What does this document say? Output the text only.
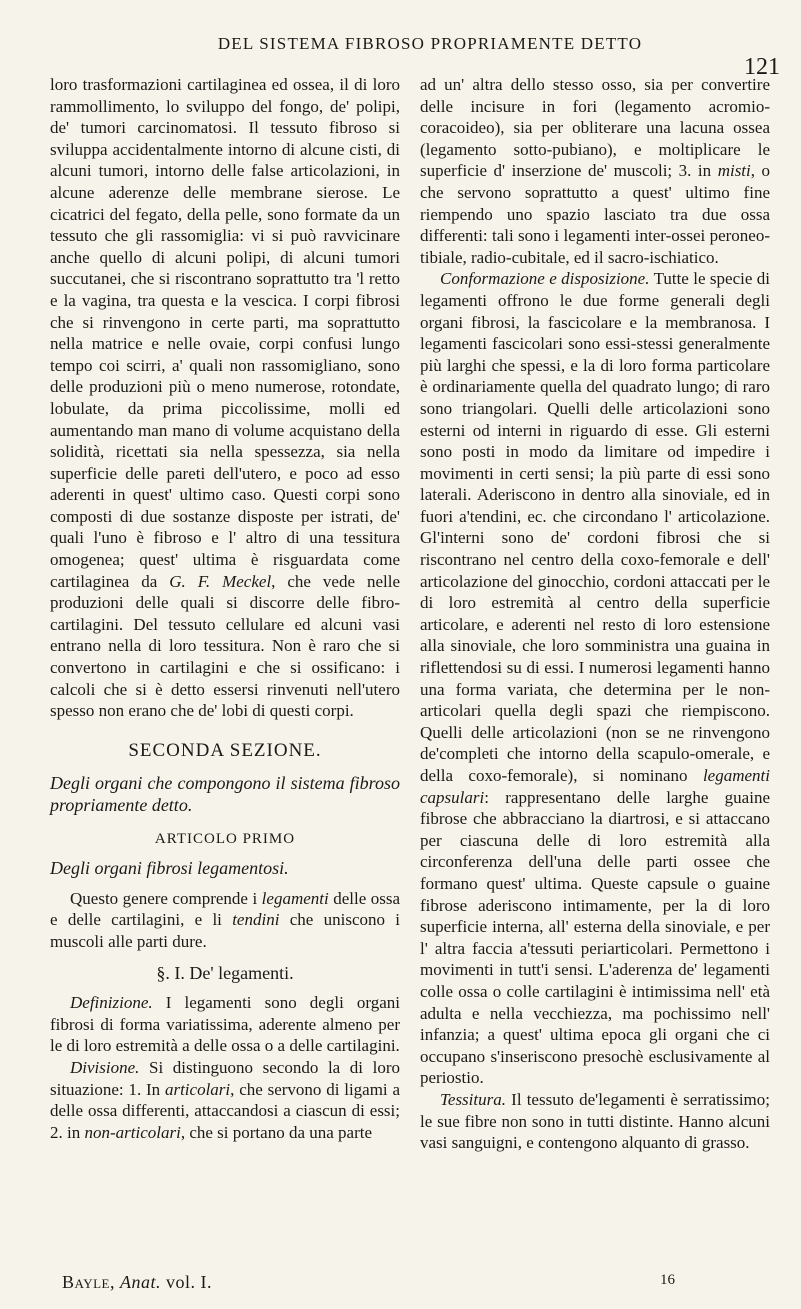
DEL SISTEMA FIBROSO PROPRIAMENTE DETTO
121

loro trasformazioni cartilaginea ed ossea, il di loro rammollimento, lo sviluppo del fongo, de' polipi, de' tumori carcinomatosi. Il tessuto fibroso si sviluppa accidentalmente intorno di alcune cisti, di alcuni tumori, intorno delle false articolazioni, in alcune aderenze delle membrane sierose. Le cicatrici del fegato, della pelle, sono formate da un tessuto che gli rassomiglia: vi si può ravvicinare anche quello di alcuni polipi, di alcuni tumori succutanei, che si riscontrano soprattutto tra 'l retto e la vagina, tra questa e la vescica. I corpi fibrosi che si rinvengono in certe parti, ma soprattutto nella matrice e nelle ovaie, corpi confusi lungo tempo coi scirri, a' quali non rassomigliano, sono delle produzioni più o meno numerose, rotondate, lobulate, da prima piccolissime, molli ed aumentando man mano di volume acquistano della solidità, ricettati sia nella spessezza, sia nella superficie delle pareti dell'utero, e poco ad esso aderenti in quest' ultimo caso. Questi corpi sono composti di due sostanze disposte per istrati, de' quali l'uno è fibroso e l' altro di una tessitura omogenea; quest' ultima è risguardata come cartilaginea da G. F. Meckel, che vede nelle produzioni delle quali si discorre delle fibro-cartilagini. Del tessuto cellulare ed alcuni vasi entrano nella di loro tessitura. Non è raro che si convertono in cartilagini e che si ossificano: i calcoli che si è detto essersi rinvenuti nell'utero spesso non erano che de' lobi di questi corpi.

SECONDA SEZIONE.

Degli organi che compongono il sistema fibroso propriamente detto.

ARTICOLO PRIMO

Degli organi fibrosi legamentosi.

Questo genere comprende i legamenti delle ossa e delle cartilagini, e li tendini che uniscono i muscoli alle parti dure.

§. I. De' legamenti.

Definizione. I legamenti sono degli organi fibrosi di forma variatissima, aderente almeno per le di loro estremità a delle ossa o a delle cartilagini.

Divisione. Si distinguono secondo la di loro situazione: 1. In articolari, che servono di ligami a delle ossa differenti, attaccandosi a ciascun di essi; 2. in non-articolari, che si portano da una parte

ad un' altra dello stesso osso, sia per convertire delle incisure in fori (legamento acromio-coracoideo), sia per obliterare una lacuna ossea (legamento sotto-pubiano), e moltiplicare le superficie d' inserzione de' muscoli; 3. in misti, o che servono soprattutto a quest' ultimo fine riempendo uno spazio lasciato tra due ossa differenti: tali sono i legamenti inter-ossei peroneo-tibiale, radio-cubitale, ed il sacro-ischiatico.

Conformazione e disposizione. Tutte le specie di legamenti offrono le due forme generali degli organi fibrosi, la fascicolare e la membranosa. I legamenti fascicolari sono essi-stessi generalmente più larghi che spessi, e la di loro forma particolare è ordinariamente quella del quadrato lungo; di raro sono triangolari. Quelli delle articolazioni sono esterni od interni in riguardo di esse. Gli esterni sono posti in modo da limitare od impedire i movimenti in certi sensi; la più parte di essi sono laterali. Aderiscono in dentro alla sinoviale, ed in fuori a'tendini, ec. che circondano l' articolazione. Gl'interni sono de' cordoni fibrosi che si riscontrano nel centro della coxo-femorale e dell' articolazione del ginocchio, cordoni attaccati per le di loro estremità al centro della superficie articolare, e aderenti nel resto di loro estensione alla sinoviale, che loro somministra una guaina in riflettendosi su di essi. I numerosi legamenti hanno una forma variata, che determina per le non-articolari quella degli spazi che riempiscono. Quelli delle articolazioni (non se ne rinvengono de'completi che intorno della scapulo-omerale, e della coxo-femorale), si nominano legamenti capsulari: rappresentano delle larghe guaine fibrose che abbracciano la diartrosi, e si attaccano per ciascuna delle di loro estremità alla circonferenza dell'una delle parti ossee che formano quest' ultima. Queste capsule o guaine fibrose aderiscono intimamente, per la di loro superficie interna, all' esterna della sinoviale, e per l' altra faccia a'tessuti periarticolari. Permettono i movimenti in tutt'i sensi. L'aderenza de' legamenti colle ossa o colle cartilagini è intimissima nell' età adulta e nella vecchiezza, ma pochissimo nell' infanzia; a quest' ultima epoca gli organi che ci occupano s'inseriscono presochè esclusivamente al periostio.

Tessitura. Il tessuto de'legamenti è serratissimo; le sue fibre non sono in tutti distinte. Hanno alcuni vasi sanguigni, e contengono alquanto di grasso.

Bayle, Anat. vol. I.	16
